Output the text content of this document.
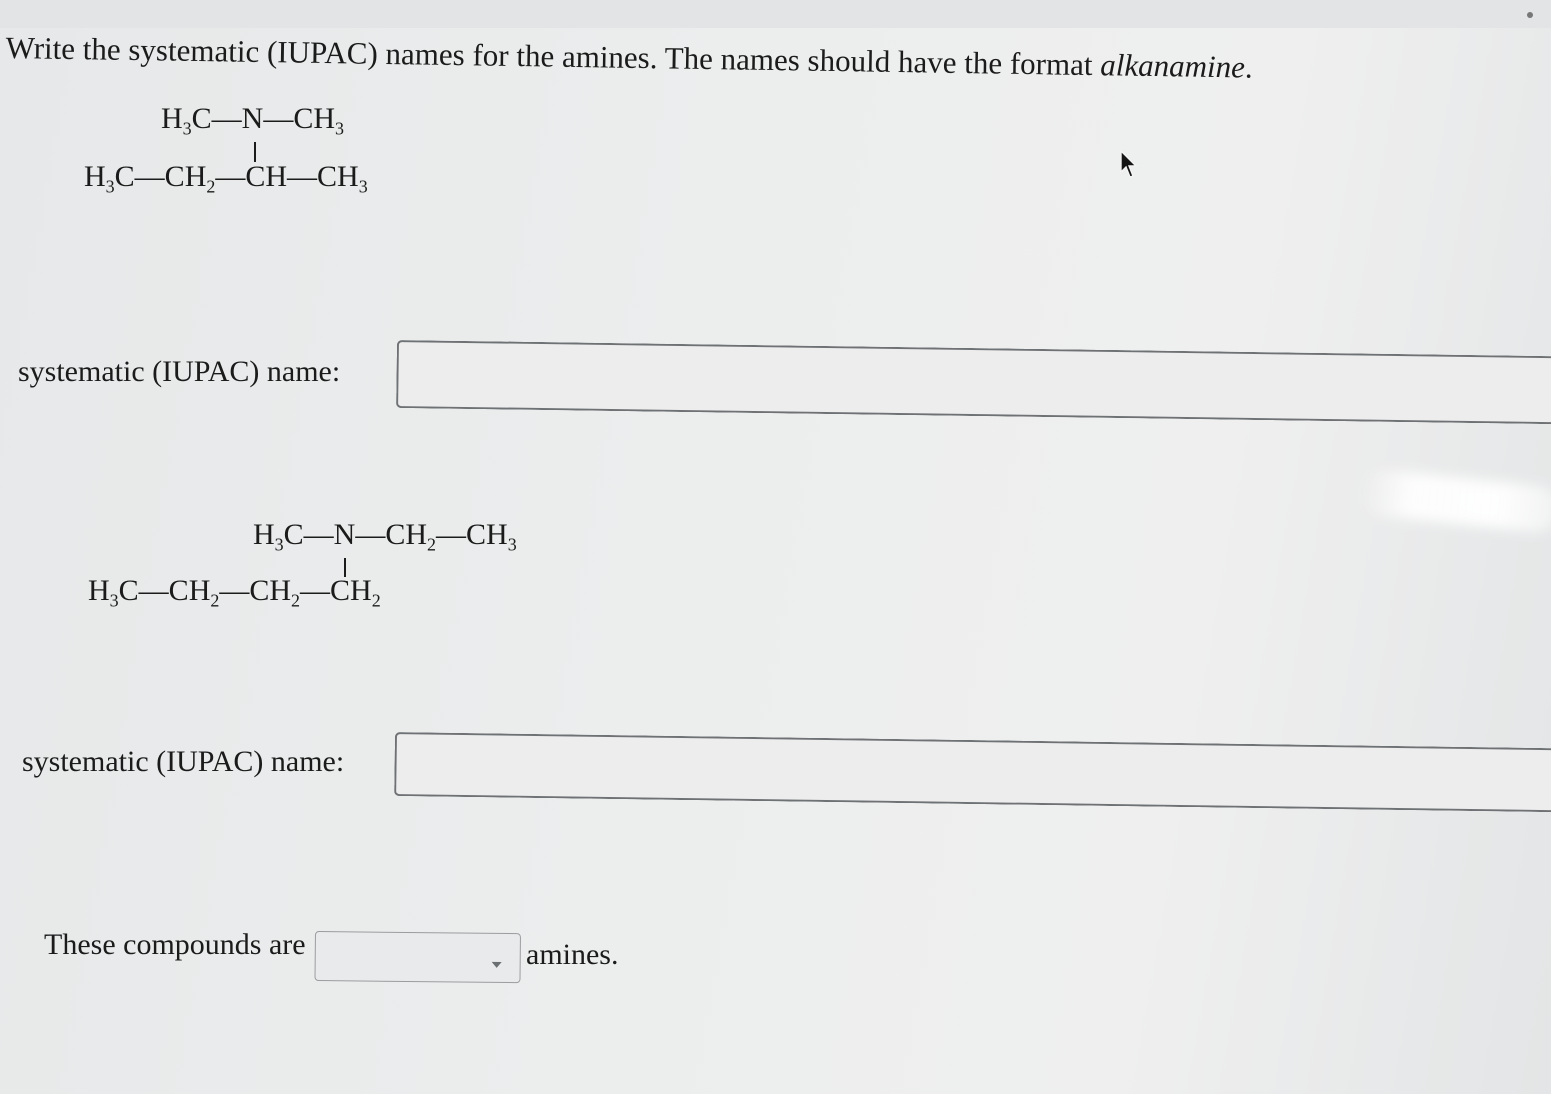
Write the systematic (IUPAC) names for the amines. The names should have the format alkanamine.
$H_3C—N—CH_3$
$H_3C—CH_2—CH—CH_3$
systematic (IUPAC) name:
$H_3C—N—CH_2—CH_3$
$H_3C—CH_2—CH_2—CH_2$
systematic (IUPAC) name:
These compounds are	amines.
